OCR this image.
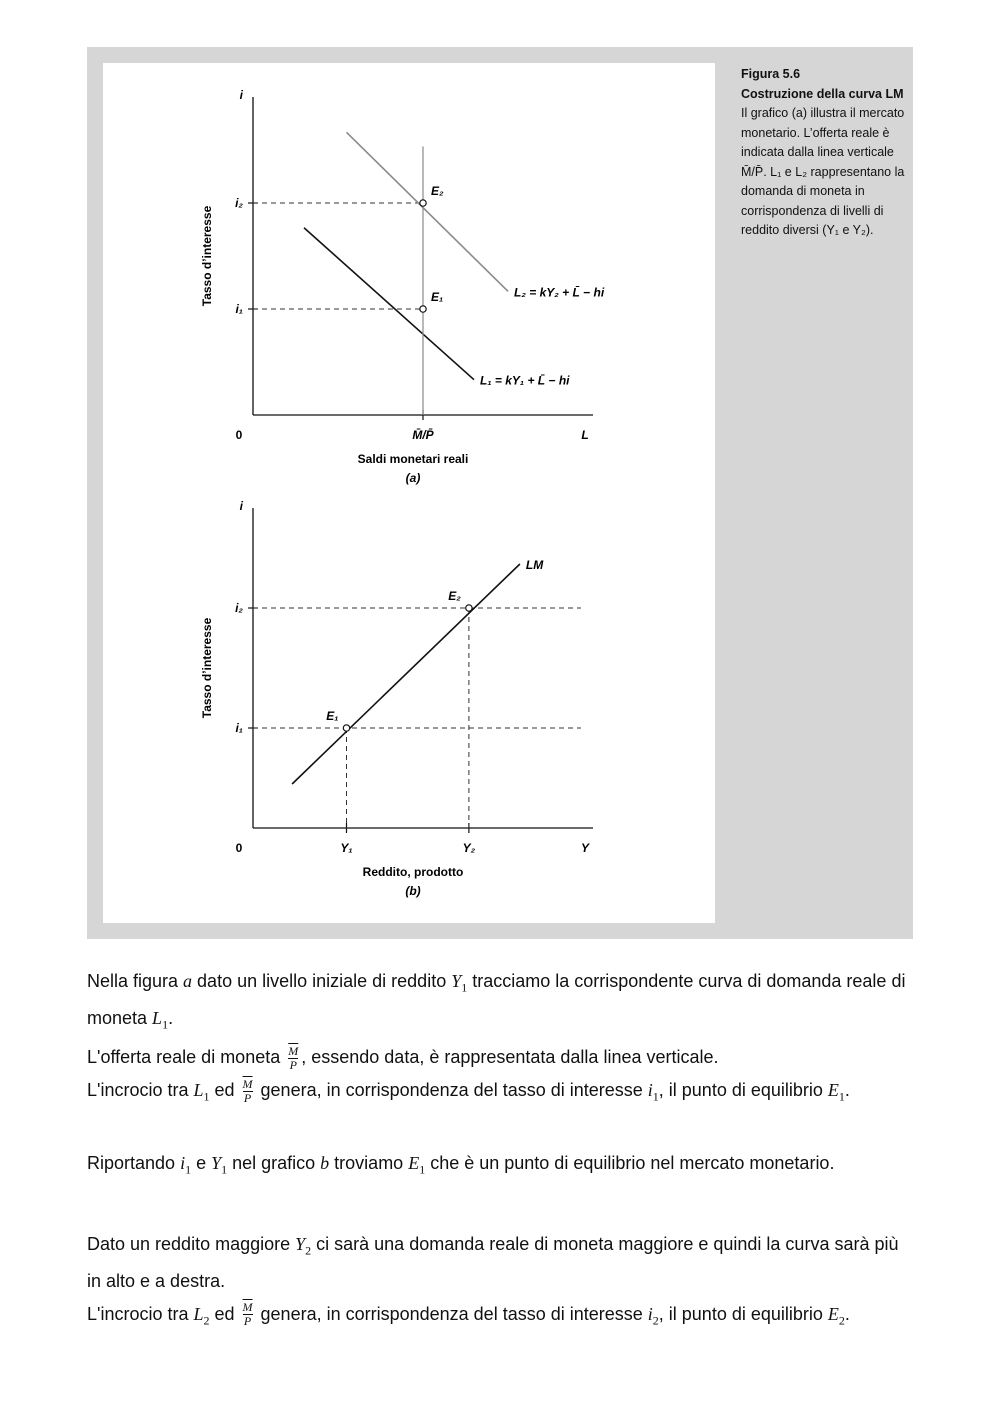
i
L
0
Tasso d’interesse
Saldi monetari reali
(a)
i₂
i₁
M̄/P̄
L₂ = kY₂ + L̄ − hi
L₁ = kY₁ + L̄ − hi
E₂
E₁
i
Y
0
Tasso d’interesse
Reddito, prodotto
(b)
i₂
i₁
Y₁	Y₂
LM
E₁
E₂
Figura 5.6
Costruzione della curva LM
Il grafico (a) illustra il mercato monetario. L’offerta reale è indicata dalla linea verticale M̄/P̄. L₁ e L₂ rappresentano la domanda di moneta in corrispondenza di livelli di reddito diversi (Y₁ e Y₂).

Nella figura a dato un livello iniziale di reddito $Y_1$ tracciamo la corrispondente curva di domanda reale di moneta $L_1$.

L'offerta reale di moneta $\frac{\overline{M}}{P}$ , essendo data, è rappresentata dalla linea verticale.

L'incrocio tra $L_1$ ed $\frac{\overline{M}}{P}$ genera, in corrispondenza del tasso di interesse $i_1$, il punto di equilibrio $E_1$.

Riportando $i_1$ e $Y_1$ nel grafico b troviamo $E_1$ che è un punto di equilibrio nel mercato monetario.

Dato un reddito maggiore $Y_2$ ci sarà una domanda reale di moneta maggiore e quindi la curva sarà più in alto e a destra.

L'incrocio tra $L_2$ ed $\frac{\overline{M}}{P}$ genera, in corrispondenza del tasso di interesse $i_2$, il punto di equilibrio $E_2$.
